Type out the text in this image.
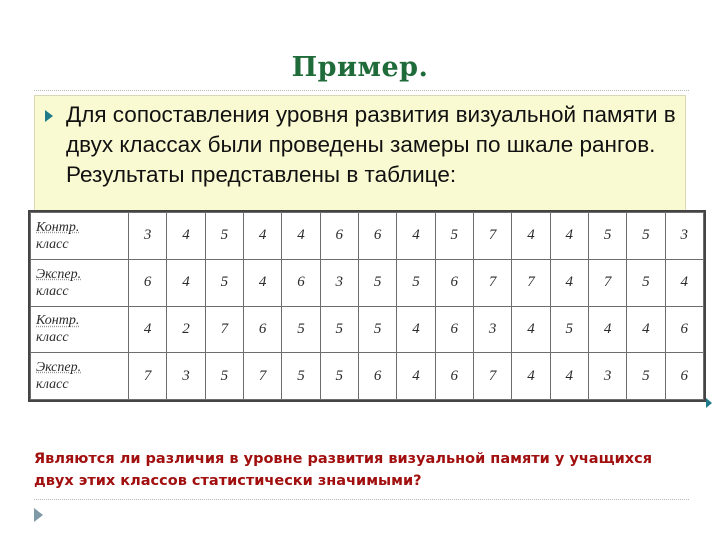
Пример.
Для сопоставления уровня развития визуальной памяти в двух классах были проведены замеры по шкале рангов. Результаты представлены в таблице:
Контр.
класс	3	4	5	4	4	6	6	4	5	7	4	4	5	5	3

Экспер.
класс	6	4	5	4	6	3	5	5	6	7	7	4	7	5	4

Контр.
класс	4	2	7	6	5	5	5	4	6	3	4	5	4	4	6

Экспер.
класс	7	3	5	7	5	5	6	4	6	7	4	4	3	5	6
Являются ли различия в уровне развития визуальной памяти у учащихся двух этих классов статистически значимыми?
